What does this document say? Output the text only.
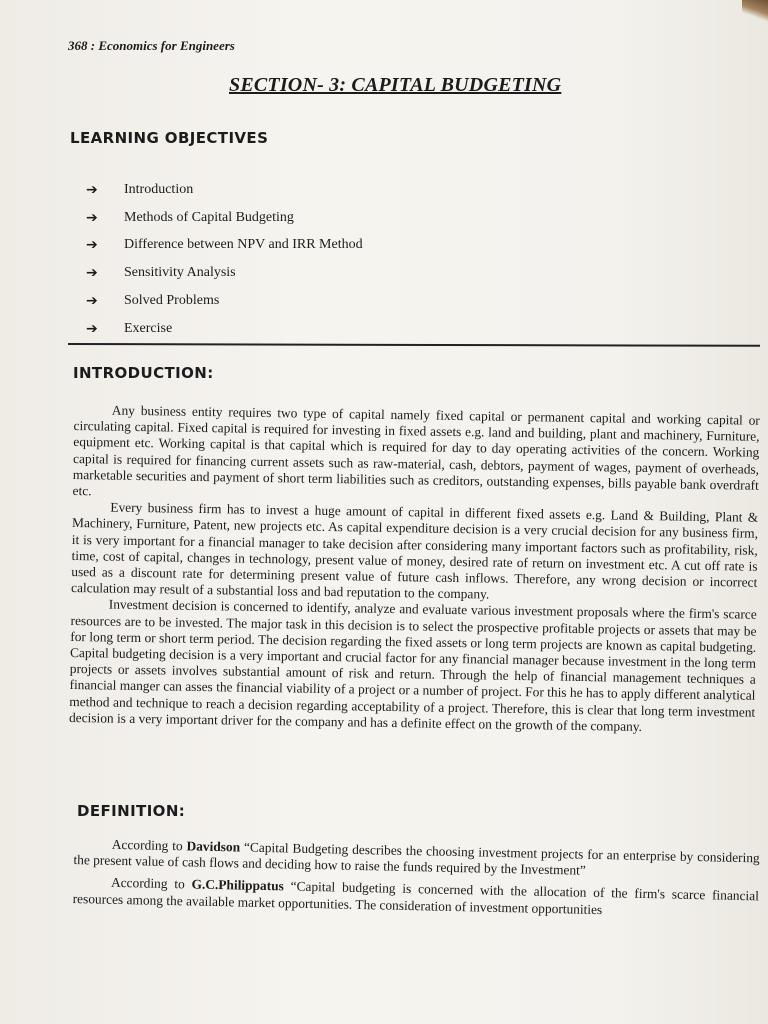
368 : Economics for Engineers
SECTION- 3: CAPITAL BUDGETING
LEARNING OBJECTIVES
➔	Introduction
➔	Methods of Capital Budgeting
➔	Difference between NPV and IRR Method
➔	Sensitivity Analysis
➔	Solved Problems
➔	Exercise
INTRODUCTION:

Any business entity requires two type of capital namely fixed capital or permanent capital and working capital or circulating capital. Fixed capital is required for investing in fixed assets e.g. land and building, plant and machinery, Furniture, equipment etc. Working capital is that capital which is required for day to day operating activities of the concern. Working capital is required for financing current assets such as raw-material, cash, debtors, payment of wages, payment of overheads, marketable securities and payment of short term liabilities such as creditors, outstanding expenses, bills payable bank overdraft etc.

Every business firm has to invest a huge amount of capital in different fixed assets e.g. Land & Building, Plant & Machinery, Furniture, Patent, new projects etc. As capital expenditure decision is a very crucial decision for any business firm, it is very important for a financial manager to take decision after considering many important factors such as profitability, risk, time, cost of capital, changes in technology, present value of money, desired rate of return on investment etc. A cut off rate is used as a discount rate for determining present value of future cash inflows. Therefore, any wrong decision or incorrect calculation may result of a substantial loss and bad reputation to the company.

Investment decision is concerned to identify, analyze and evaluate various investment proposals where the firm's scarce resources are to be invested. The major task in this decision is to select the prospective profitable projects or assets that may be for long term or short term period. The decision regarding the fixed assets or long term projects are known as capital budgeting. Capital budgeting decision is a very important and crucial factor for any financial manager because investment in the long term projects or assets involves substantial amount of risk and return. Through the help of financial management techniques a financial manger can asses the financial viability of a project or a number of project. For this he has to apply different analytical method and technique to reach a decision regarding acceptability of a project. Therefore, this is clear that long term investment decision is a very important driver for the company and has a definite effect on the growth of the company.

DEFINITION:

According to Davidson “Capital Budgeting describes the choosing investment projects for an enterprise by considering the present value of cash flows and deciding how to raise the funds required by the Investment”

According to G.C.Philippatus “Capital budgeting is concerned with the allocation of the firm's scarce financial resources among the available market opportunities. The consideration of investment opportunities
